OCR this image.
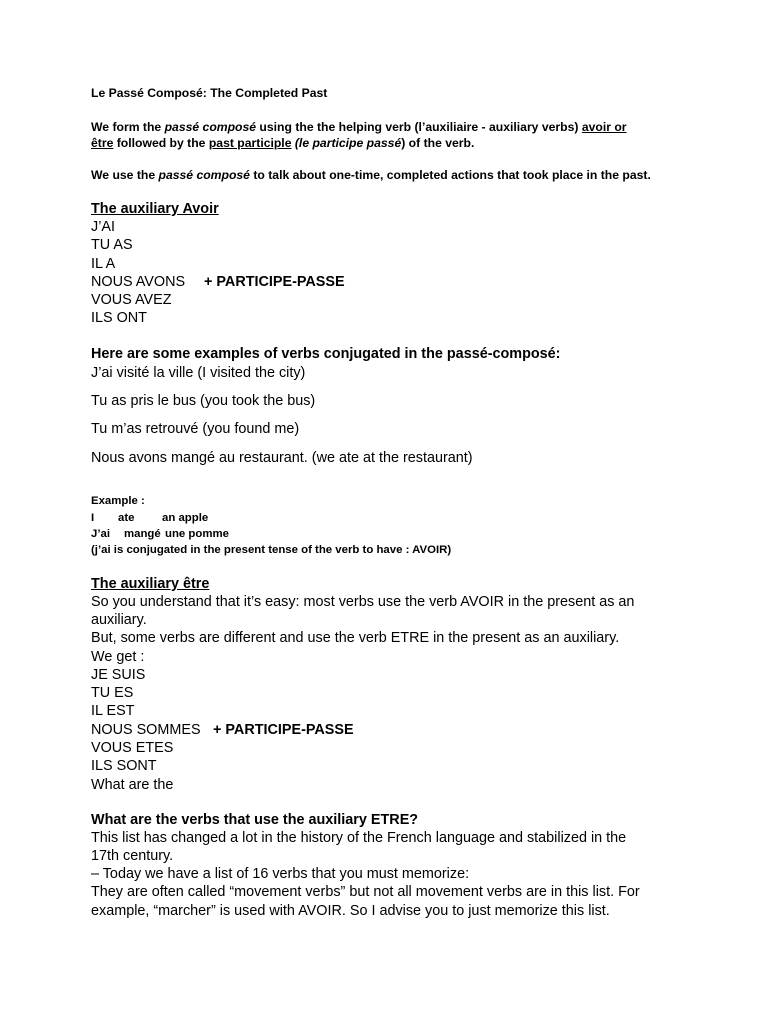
Le Passé Composé: The Completed Past
We form the passé composé using the the helping verb (l’auxiliaire - auxiliary verbs) avoir or
être followed by the past participle (le participe passé) of the verb.
We use the passé composé to talk about one-time, completed actions that took place in the past.
The auxiliary Avoir
J’AI
TU AS
IL A
NOUS AVONS + PARTICIPE-PASSE
VOUS AVEZ
ILS ONT
Here are some examples of verbs conjugated in the passé-composé:
J’ai visité la ville (I visited the city)
Tu as pris le bus (you took the bus)
Tu m’as retrouvé (you found me)
Nous avons mangé au restaurant. (we ate at the restaurant)
Example :
I ate an apple
J’ai mangé une pomme
(j’ai is conjugated in the present tense of the verb to have : AVOIR)
The auxiliary être
So you understand that it’s easy: most verbs use the verb AVOIR in the present as an
auxiliary.
But, some verbs are different and use the verb ETRE in the present as an auxiliary.
We get :
JE SUIS
TU ES
IL EST
NOUS SOMMES + PARTICIPE-PASSE
VOUS ETES
ILS SONT
What are the
What are the verbs that use the auxiliary ETRE?
This list has changed a lot in the history of the French language and stabilized in the
17th century.
– Today we have a list of 16 verbs that you must memorize:
They are often called “movement verbs” but not all movement verbs are in this list. For
example, “marcher” is used with AVOIR. So I advise you to just memorize this list.
